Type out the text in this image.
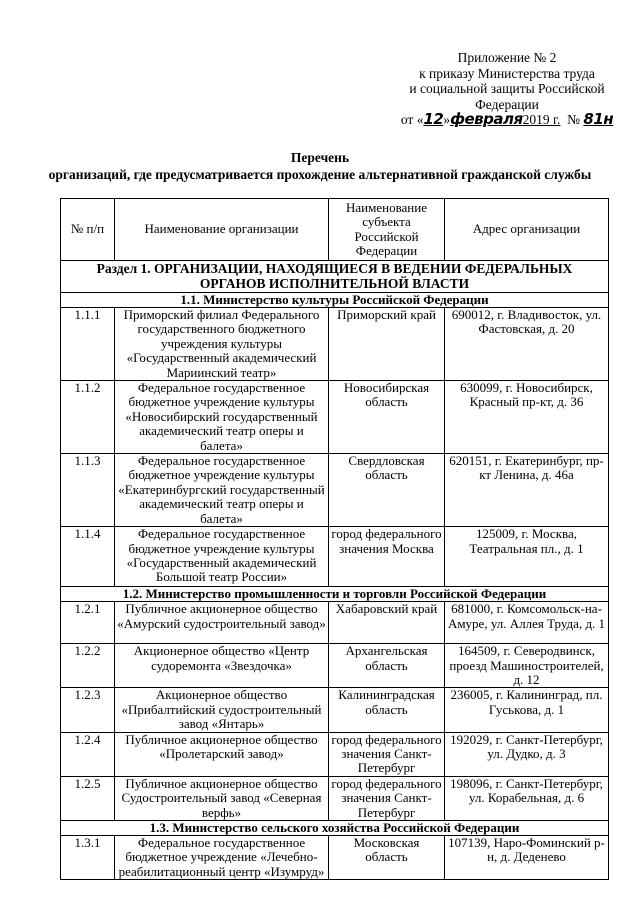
Приложение № 2
к приказу Министерства труда
и социальной защиты Российской
Федерации
от «12»февраля2019 г. № 81н
Перечень
организаций, где предусматривается прохождение альтернативной гражданской службы
№ п/п	Наименование организации	Наименование субъекта Российской Федерации	Адрес организации
Раздел 1. ОРГАНИЗАЦИИ, НАХОДЯЩИЕСЯ В ВЕДЕНИИ ФЕДЕРАЛЬНЫХ ОРГАНОВ ИСПОЛНИТЕЛЬНОЙ ВЛАСТИ			
1.1. Министерство культуры Российской Федерации			
1.1.1	Приморский филиал Федерального государственного бюджетного учреждения культуры «Государственный академический Мариинский театр»	Приморский край	690012, г. Владивосток, ул. Фастовская, д. 20
1.1.2	Федеральное государственное бюджетное учреждение культуры «Новосибирский государственный академический театр оперы и балета»	Новосибирская область	630099, г. Новосибирск, Красный пр-кт, д. 36
1.1.3	Федеральное государственное бюджетное учреждение культуры «Екатеринбургский государственный академический театр оперы и балета»	Свердловская область	620151, г. Екатеринбург, пр-кт Ленина, д. 46а
1.1.4	Федеральное государственное бюджетное учреждение культуры «Государственный академический Большой театр России»	город федерального значения Москва	125009, г. Москва, Театральная пл., д. 1
1.2. Министерство промышленности и торговли Российской Федерации			
1.2.1	Публичное акционерное общество «Амурский судостроительный завод»	Хабаровский край	681000, г. Комсомольск-на-Амуре, ул. Аллея Труда, д. 1
1.2.2	Акционерное общество «Центр судоремонта «Звездочка»	Архангельская область	164509, г. Северодвинск, проезд Машиностроителей, д. 12
1.2.3	Акционерное общество «Прибалтийский судостроительный завод «Янтарь»	Калининградская область	236005, г. Калининград, пл. Гуськова, д. 1
1.2.4	Публичное акционерное общество «Пролетарский завод»	город федерального значения Санкт-Петербург	192029, г. Санкт-Петербург, ул. Дудко, д. 3
1.2.5	Публичное акционерное общество Судостроительный завод «Северная верфь»	город федерального значения Санкт-Петербург	198096, г. Санкт-Петербург, ул. Корабельная, д. 6
1.3. Министерство сельского хозяйства Российской Федерации			
1.3.1	Федеральное государственное бюджетное учреждение «Лечебно-реабилитационный центр «Изумруд»	Московская область	107139, Наро-Фоминский р-н, д. Деденево
